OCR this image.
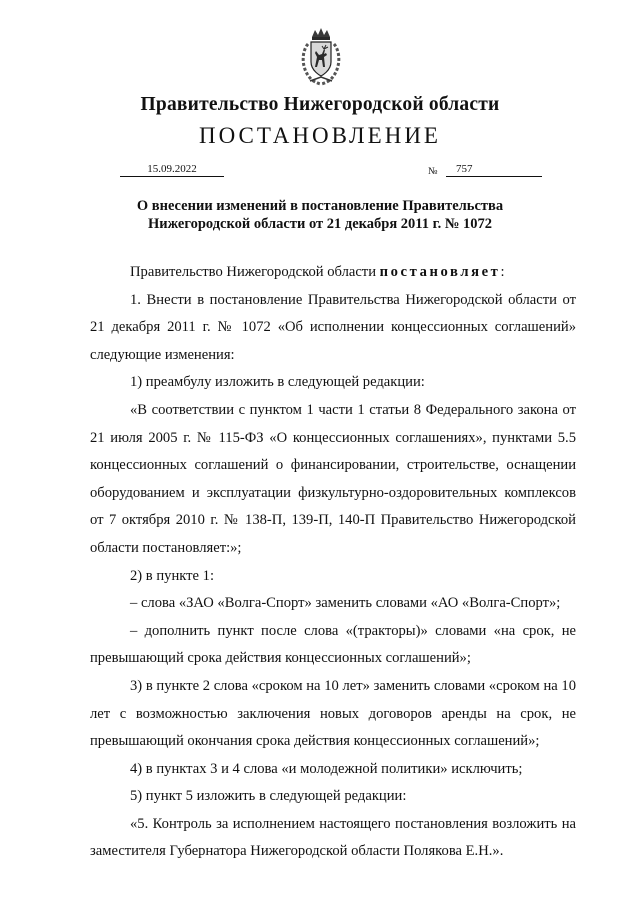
Правительство Нижегородской области
ПОСТАНОВЛЕНИЕ
15.09.2022	№	757
О внесении изменений в постановление Правительства
Нижегородской области от 21 декабря 2011 г. № 1072

Правительство Нижегородской области постановляет:

1. Внести в постановление Правительства Нижегородской области от 21 декабря 2011 г. № 1072 «Об исполнении концессионных соглашений» следующие изменения:

1) преамбулу изложить в следующей редакции:

«В соответствии с пунктом 1 части 1 статьи 8 Федерального закона от 21 июля 2005 г. № 115-ФЗ «О концессионных соглашениях», пунктами 5.5 концессионных соглашений о финансировании, строительстве, оснащении оборудованием и эксплуатации физкультурно-оздоровительных комплексов от 7 октября 2010 г. № 138-П, 139-П, 140-П Правительство Нижегородской области постановляет:»;

2) в пункте 1:

– слова «ЗАО «Волга-Спорт» заменить словами «АО «Волга-Спорт»;

– дополнить пункт после слова «(тракторы)» словами «на срок, не превышающий срока действия концессионных соглашений»;

3) в пункте 2 слова «сроком на 10 лет» заменить словами «сроком на 10 лет с возможностью заключения новых договоров аренды на срок, не превышающий окончания срока действия концессионных соглашений»;

4) в пунктах 3 и 4 слова «и молодежной политики» исключить;

5) пункт 5 изложить в следующей редакции:

«5. Контроль за исполнением настоящего постановления возложить на заместителя Губернатора Нижегородской области Полякова Е.Н.».
